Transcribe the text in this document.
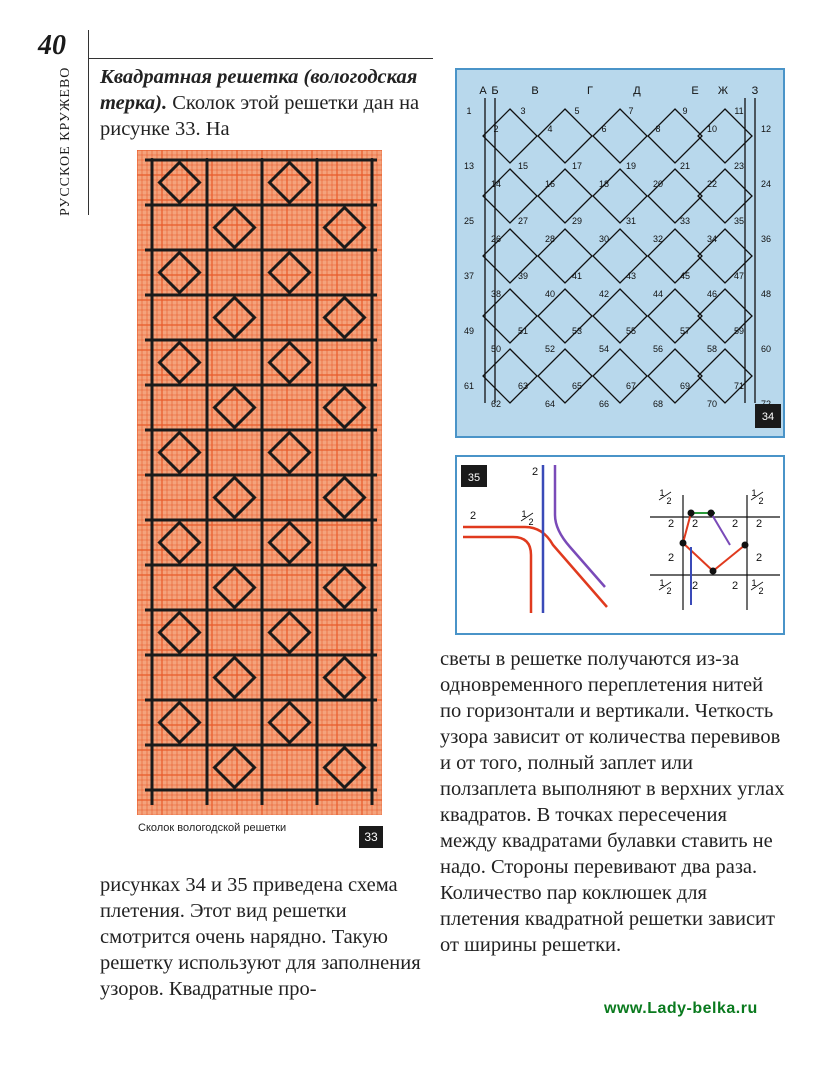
40
РУССКОЕ КРУЖЕВО	Квадратная решетка (вологодская терка). Сколок этой решетки дан на рисунке 33. На

Сколок вологодской решетки
33

рисунках 34 и 35 приведена схема плетения. Этот вид решетки смотрится очень нарядно. Такую решетку используют для заполнения узоров. Квадратные про-

А Б	В	Г	Д	Е Ж З
1
2
3
4
5
6
7
8
9
10
11
12
13
14
15
16
17
18
19
20
21
22
23
24
25
26
27
28
29
30
31
32
33
34
35
36
37
38
39
40
41
42
43
44
45
46
47
48
49
50
51
52
53
54
55
56
57
58
59
60
61
62
63
64
65
66
67
68
69
70
71
34
35	2
2	1
2
1
2
1
2
1
2
1
2
2 2	2 2
2	2
2	2

светы в решетке получаются из-за одновременного переплетения нитей по горизонтали и вертикали. Четкость узора зависит от количества перевивов и от того, полный заплет или ползаплета выполняют в верхних углах квадратов. В точках пересечения между квадратами булавки ставить не надо. Стороны перевивают два раза. Количество пар коклюшек для плетения квадратной решетки зависит от ширины решетки.

www.Lady-belka.ru
